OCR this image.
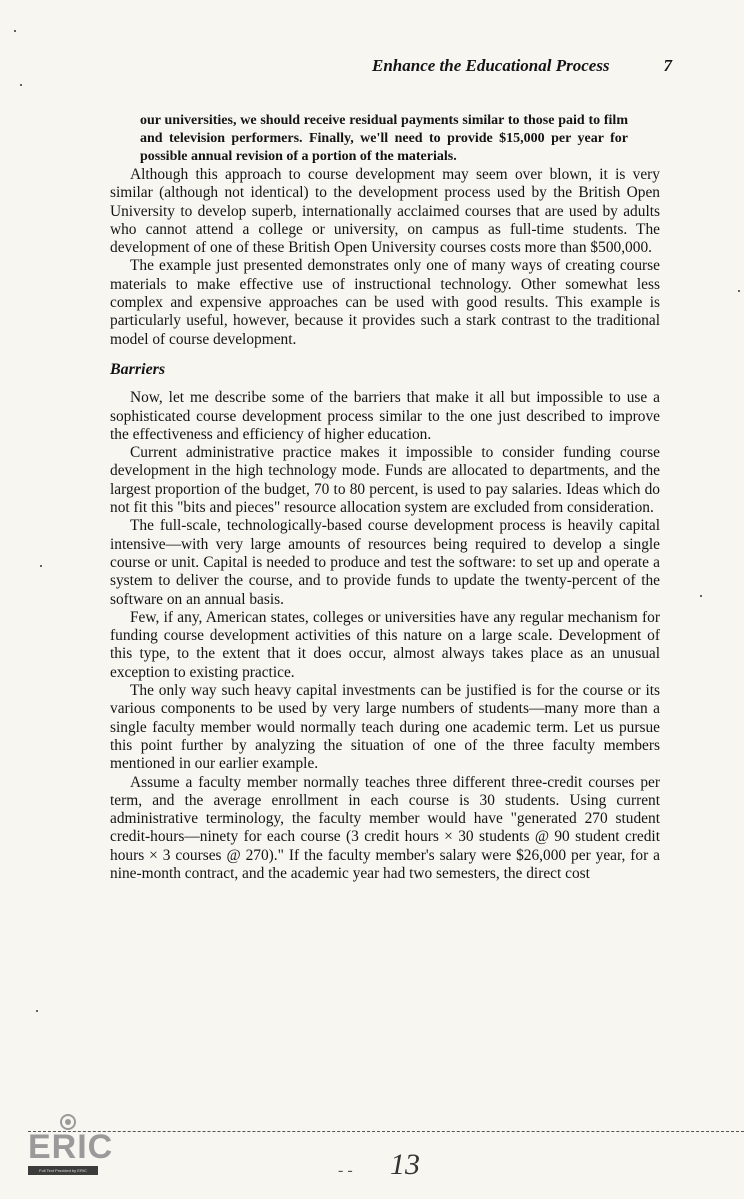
Enhance the Educational Process	7

our universities, we should receive residual payments similar to those paid to film and television performers. Finally, we'll need to provide $15,000 per year for possible annual revision of a portion of the materials.

Although this approach to course development may seem over blown, it is very similar (although not identical) to the development process used by the British Open University to develop superb, internationally acclaimed courses that are used by adults who cannot attend a college or university, on campus as full-time students. The development of one of these British Open University courses costs more than $500,000.

The example just presented demonstrates only one of many ways of creating course materials to make effective use of instructional technology. Other somewhat less complex and expensive approaches can be used with good results. This example is particularly useful, however, because it provides such a stark contrast to the traditional model of course development.

Barriers

Now, let me describe some of the barriers that make it all but impossible to use a sophisticated course development process similar to the one just described to improve the effectiveness and efficiency of higher education.

Current administrative practice makes it impossible to consider funding course development in the high technology mode. Funds are allocated to departments, and the largest proportion of the budget, 70 to 80 percent, is used to pay salaries. Ideas which do not fit this "bits and pieces" resource allocation system are excluded from consideration.

The full-scale, technologically-based course development process is heavily capital intensive—with very large amounts of resources being required to develop a single course or unit. Capital is needed to produce and test the software: to set up and operate a system to deliver the course, and to provide funds to update the twenty-percent of the software on an annual basis.

Few, if any, American states, colleges or universities have any regular mechanism for funding course development activities of this nature on a large scale. Development of this type, to the extent that it does occur, almost always takes place as an unusual exception to existing practice.

The only way such heavy capital investments can be justified is for the course or its various components to be used by very large numbers of students—many more than a single faculty member would normally teach during one academic term. Let us pursue this point further by analyzing the situation of one of the three faculty members mentioned in our earlier example.

Assume a faculty member normally teaches three different three-credit courses per term, and the average enrollment in each course is 30 students. Using current administrative terminology, the faculty member would have "generated 270 student credit-hours—ninety for each course (3 credit hours × 30 students @ 90 student credit hours × 3 courses @ 270)." If the faculty member's salary were $26,000 per year, for a nine-month contract, and the academic year had two semesters, the direct cost

ERIC
Full Text Provided by ERIC	- - 13
